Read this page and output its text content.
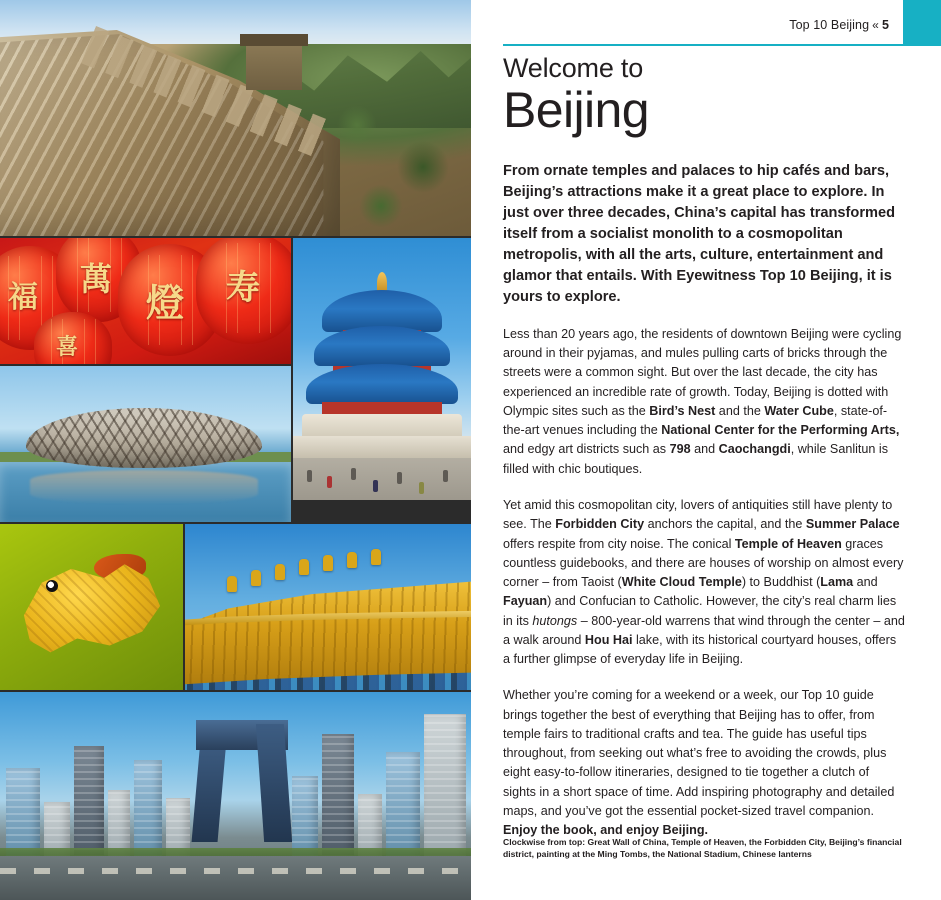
福 萬
燈 寿
喜
Top 10 Beijing « 5
Welcome to
Beijing
From ornate temples and palaces to hip cafés and bars, Beijing’s attractions make it a great place to explore. In just over three decades, China’s capital has transformed itself from a socialist monolith to a cosmopolitan metropolis, with all the arts, culture, entertainment and glamor that entails. With Eyewitness Top 10 Beijing, it is yours to explore.

Less than 20 years ago, the residents of downtown Beijing were cycling around in their pyjamas, and mules pulling carts of bricks through the streets were a common sight. But over the last decade, the city has experienced an incredible rate of growth. Today, Beijing is dotted with Olympic sites such as the Bird’s Nest and the Water Cube, state-of-the-art venues including the National Center for the Performing Arts, and edgy art districts such as 798 and Caochangdi, while Sanlitun is filled with chic boutiques.

Yet amid this cosmopolitan city, lovers of antiquities still have plenty to see. The Forbidden City anchors the capital, and the Summer Palace offers respite from city noise. The conical Temple of Heaven graces countless guidebooks, and there are houses of worship on almost every corner – from Taoist (White Cloud Temple) to Buddhist (Lama and Fayuan) and Confucian to Catholic. However, the city’s real charm lies in its hutongs – 800-year-old warrens that wind through the center – and a walk around Hou Hai lake, with its historical courtyard houses, offers a further glimpse of everyday life in Beijing.

Whether you’re coming for a weekend or a week, our Top 10 guide brings together the best of everything that Beijing has to offer, from temple fairs to traditional crafts and tea. The guide has useful tips throughout, from seeking out what’s free to avoiding the crowds, plus eight easy-to-follow itineraries, designed to tie together a clutch of sights in a short space of time. Add inspiring photography and detailed maps, and you’ve got the essential pocket-sized travel companion. Enjoy the book, and enjoy Beijing.

Clockwise from top: Great Wall of China, Temple of Heaven, the Forbidden City, Beijing’s financial district, painting at the Ming Tombs, the National Stadium, Chinese lanterns
